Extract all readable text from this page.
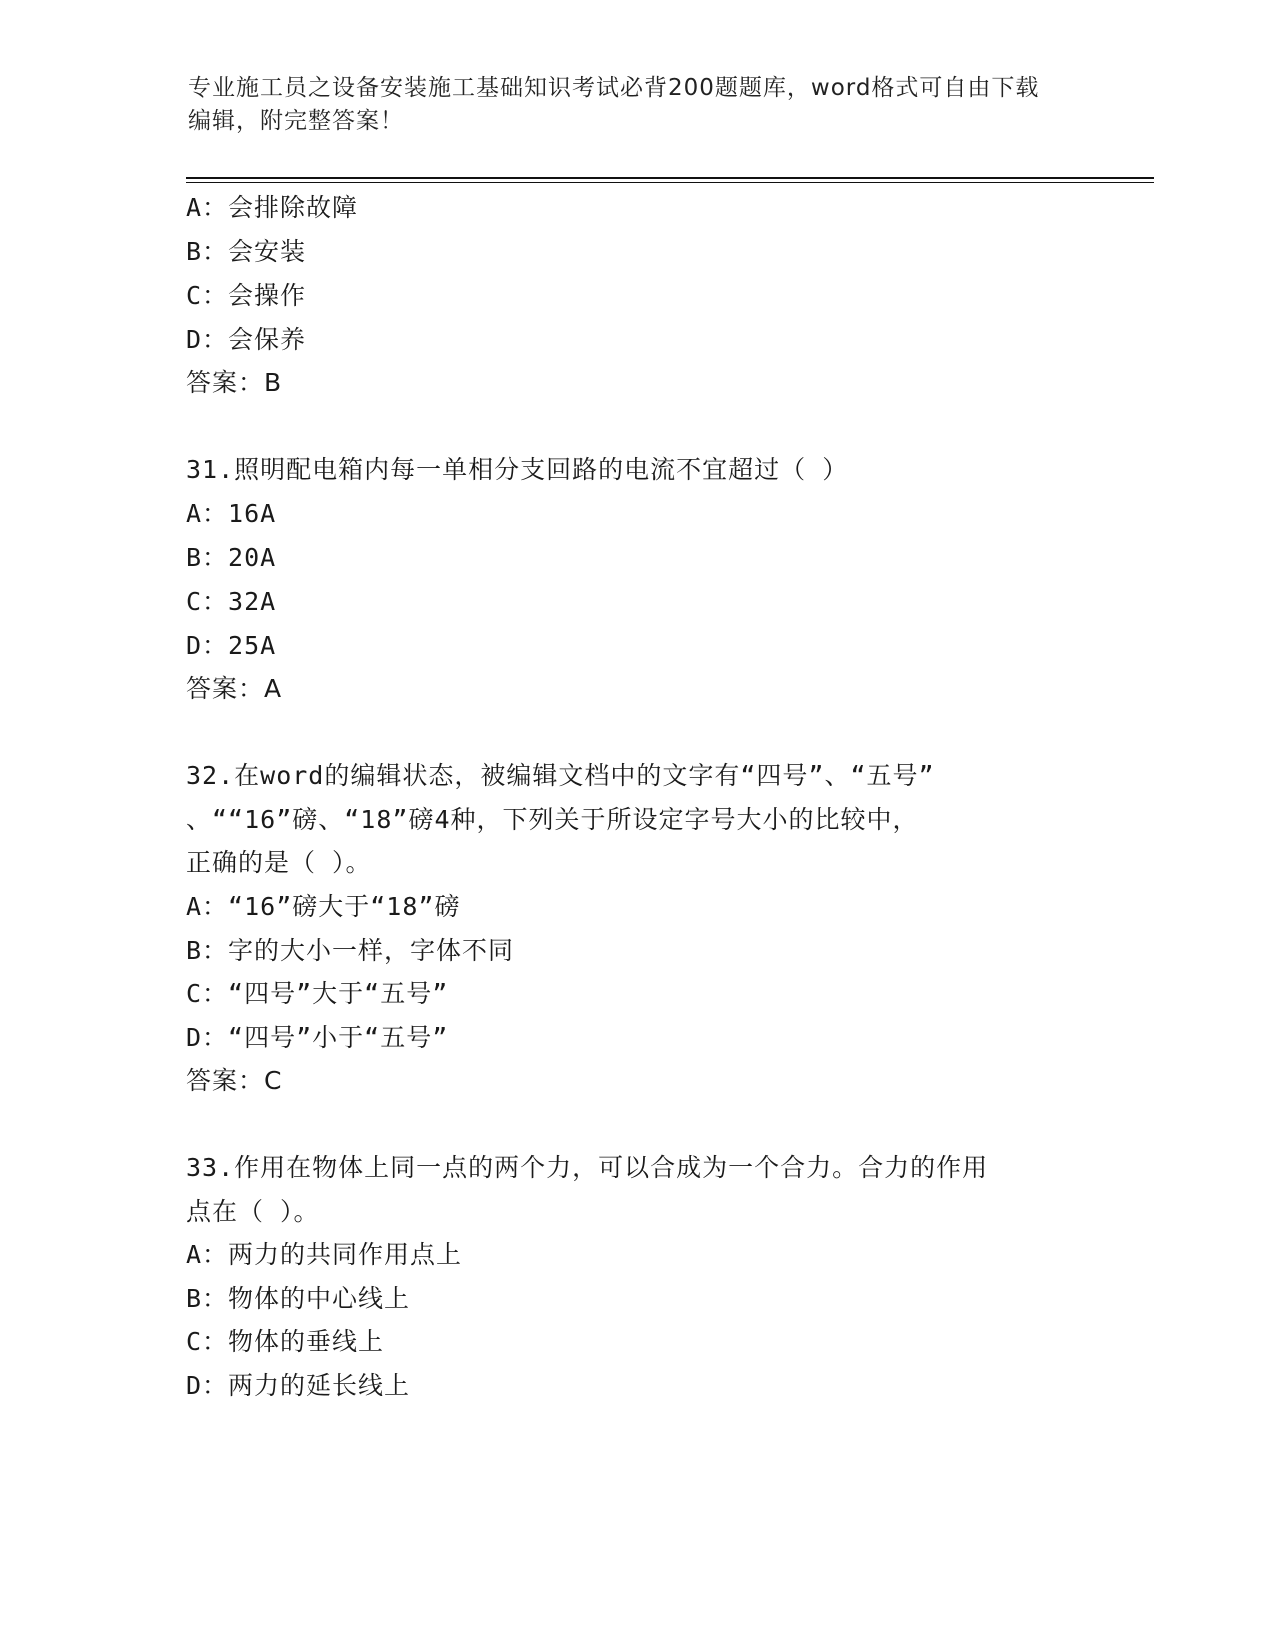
专业施工员之设备安装施工基础知识考试必背200题题库，word格式可自由下载
编辑，附完整答案！
A：会排除故障
B：会安装
C：会操作
D：会保养
答案：B
31.照明配电箱内每一单相分支回路的电流不宜超过（ ）
A：16A
B：20A
C：32A
D：25A
答案：A
32.在word的编辑状态，被编辑文档中的文字有“四号”、“五号”
、““16”磅、“18”磅4种，下列关于所设定字号大小的比较中，
正确的是（ ）。
A：“16”磅大于“18”磅
B：字的大小一样，字体不同
C：“四号”大于“五号”
D：“四号”小于“五号”
答案：C
33.作用在物体上同一点的两个力，可以合成为一个合力。合力的作用
点在（ ）。
A：两力的共同作用点上
B：物体的中心线上
C：物体的垂线上
D：两力的延长线上
